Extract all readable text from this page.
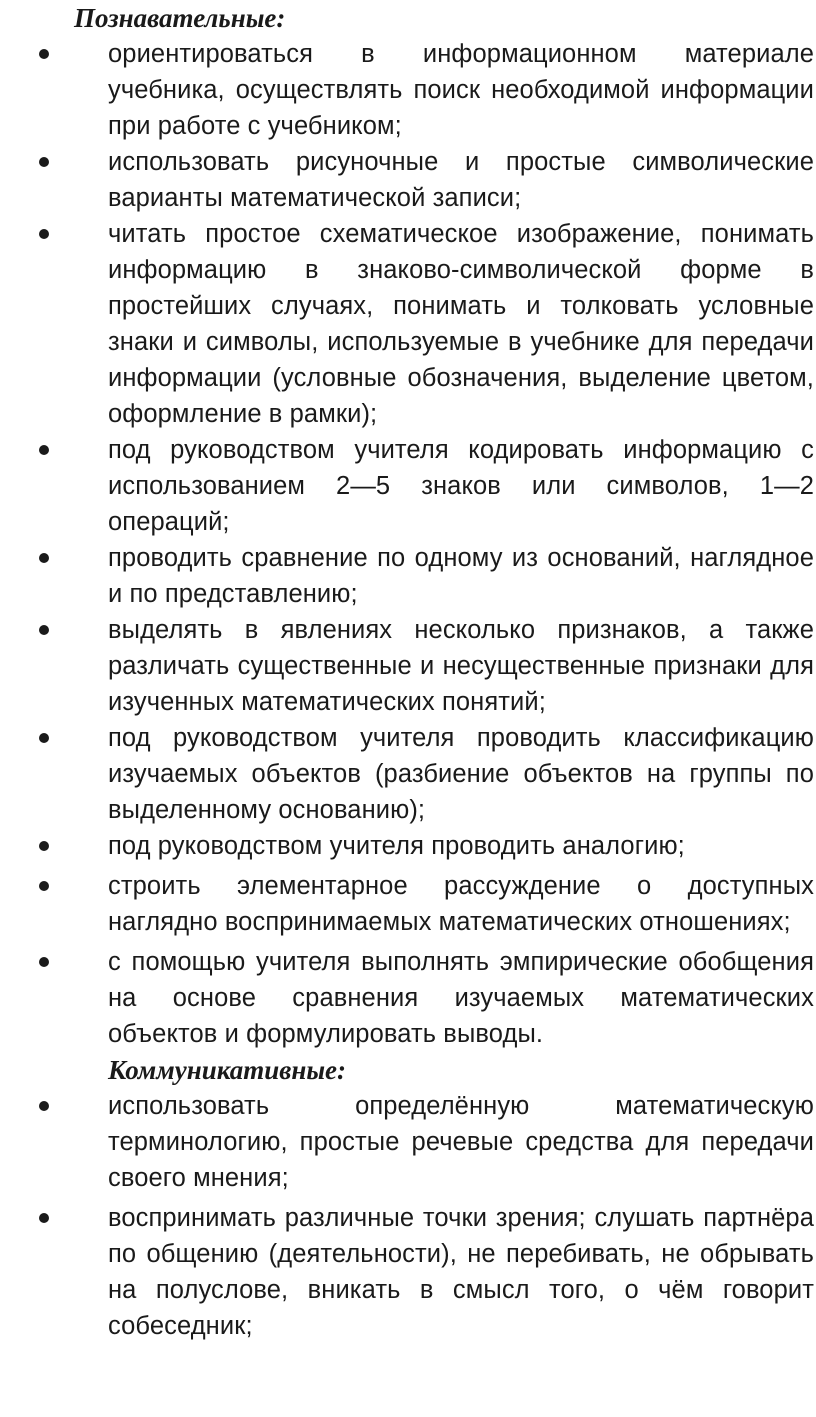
Познавательные:
ориентироваться в информационном материале учебника, осуществлять поиск необходимой информации при работе с учебником;
использовать рисуночные и простые символические варианты математической записи;
читать простое схематическое изображение, понимать информацию в знаково-символической форме в простейших случаях, понимать и толковать условные знаки и символы, используемые в учебнике для передачи информации (условные обозначения, выделение цветом, оформление в рамки);
под руководством учителя кодировать информацию с использованием 2—5 знаков или символов, 1—2 операций;
проводить сравнение по одному из оснований, наглядное и по представлению;
выделять в явлениях несколько признаков, а также различать существенные и несущественные признаки для изученных математических понятий;
под руководством учителя проводить классификацию изучаемых объектов (разбиение объектов на группы по выделенному основанию);
под руководством учителя проводить аналогию;
строить элементарное рассуждение о доступных наглядно воспринимаемых математических отношениях;
с помощью учителя выполнять эмпирические обобщения на основе сравнения изучаемых математических объектов и формулировать выводы.
Коммуникативные:
использовать определённую математическую терминологию, простые речевые средства для передачи своего мнения;
воспринимать различные точки зрения; слушать партнёра по общению (деятельности), не перебивать, не обрывать на полуслове, вникать в смысл того, о чём говорит собеседник;
